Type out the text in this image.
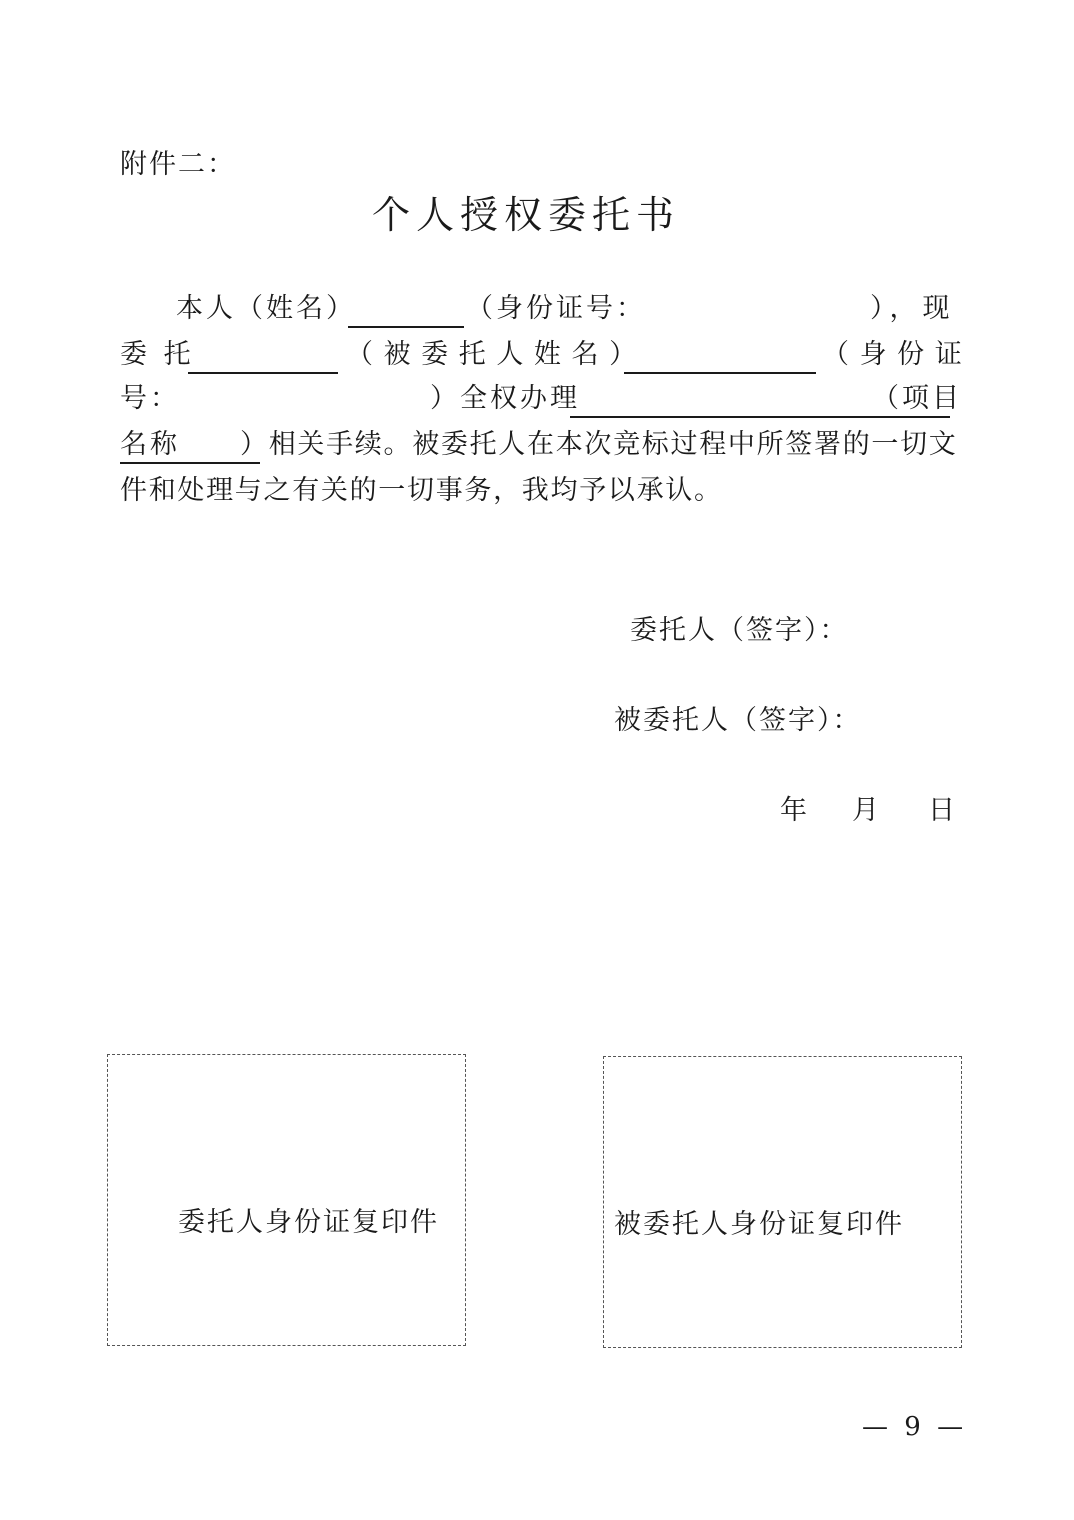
附件二：
个人授权委托书
本人（姓名）	（身份证号：	），现
委 托	（ 被 委 托 人 姓 名 ）	（ 身 份 证
号：	）全权办理	（项目
名称 ）相关手续。被委托人在本次竞标过程中所签署的一切文
件和处理与之有关的一切事务，我均予以承认。
委托人（签字）：
被委托人（签字）：
年 月 日
委托人身份证复印件	被委托人身份证复印件
— 9 —
